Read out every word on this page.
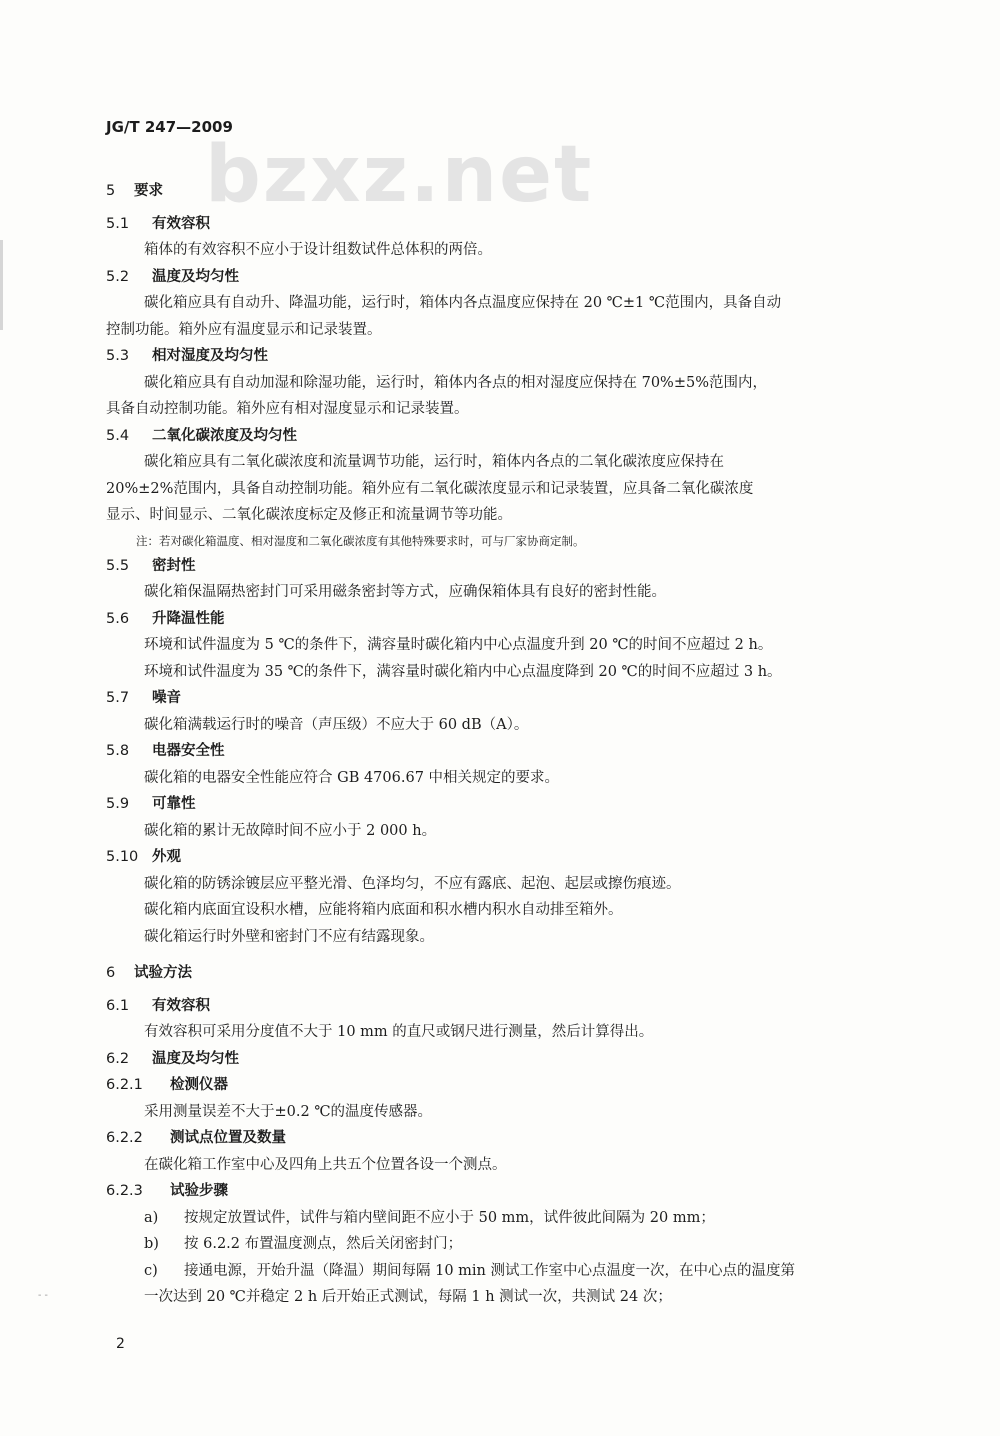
bzxz.net
JG/T 247—2009
5 要求
5.1 有效容积
箱体的有效容积不应小于设计组数试件总体积的两倍。
5.2 温度及均匀性
碳化箱应具有自动升、降温功能，运行时，箱体内各点温度应保持在 20 ℃±1 ℃范围内，具备自动
控制功能。箱外应有温度显示和记录装置。
5.3 相对湿度及均匀性
碳化箱应具有自动加湿和除湿功能，运行时，箱体内各点的相对湿度应保持在 70%±5%范围内，
具备自动控制功能。箱外应有相对湿度显示和记录装置。
5.4 二氧化碳浓度及均匀性
碳化箱应具有二氧化碳浓度和流量调节功能，运行时，箱体内各点的二氧化碳浓度应保持在
20%±2%范围内，具备自动控制功能。箱外应有二氧化碳浓度显示和记录装置，应具备二氧化碳浓度
显示、时间显示、二氧化碳浓度标定及修正和流量调节等功能。
注：若对碳化箱温度、相对湿度和二氧化碳浓度有其他特殊要求时，可与厂家协商定制。
5.5 密封性
碳化箱保温隔热密封门可采用磁条密封等方式，应确保箱体具有良好的密封性能。
5.6 升降温性能
环境和试件温度为 5 ℃的条件下，满容量时碳化箱内中心点温度升到 20 ℃的时间不应超过 2 h。
环境和试件温度为 35 ℃的条件下，满容量时碳化箱内中心点温度降到 20 ℃的时间不应超过 3 h。
5.7 噪音
碳化箱满载运行时的噪音（声压级）不应大于 60 dB（A）。
5.8 电器安全性
碳化箱的电器安全性能应符合 GB 4706.67 中相关规定的要求。
5.9 可靠性
碳化箱的累计无故障时间不应小于 2 000 h。
5.10 外观
碳化箱的防锈涂镀层应平整光滑、色泽均匀，不应有露底、起泡、起层或擦伤痕迹。
碳化箱内底面宜设积水槽，应能将箱内底面和积水槽内积水自动排至箱外。
碳化箱运行时外壁和密封门不应有结露现象。
6 试验方法
6.1 有效容积
有效容积可采用分度值不大于 10 mm 的直尺或钢尺进行测量，然后计算得出。
6.2 温度及均匀性
6.2.1 检测仪器
采用测量误差不大于±0.2 ℃的温度传感器。
6.2.2 测试点位置及数量
在碳化箱工作室中心及四角上共五个位置各设一个测点。
6.2.3 试验步骤
a) 按规定放置试件，试件与箱内壁间距不应小于 50 mm，试件彼此间隔为 20 mm；
b) 按 6.2.2 布置温度测点，然后关闭密封门；
c) 接通电源，开始升温（降温）期间每隔 10 min 测试工作室中心点温度一次，在中心点的温度第
一次达到 20 ℃并稳定 2 h 后开始正式测试，每隔 1 h 测试一次，共测试 24 次；
- -
2
